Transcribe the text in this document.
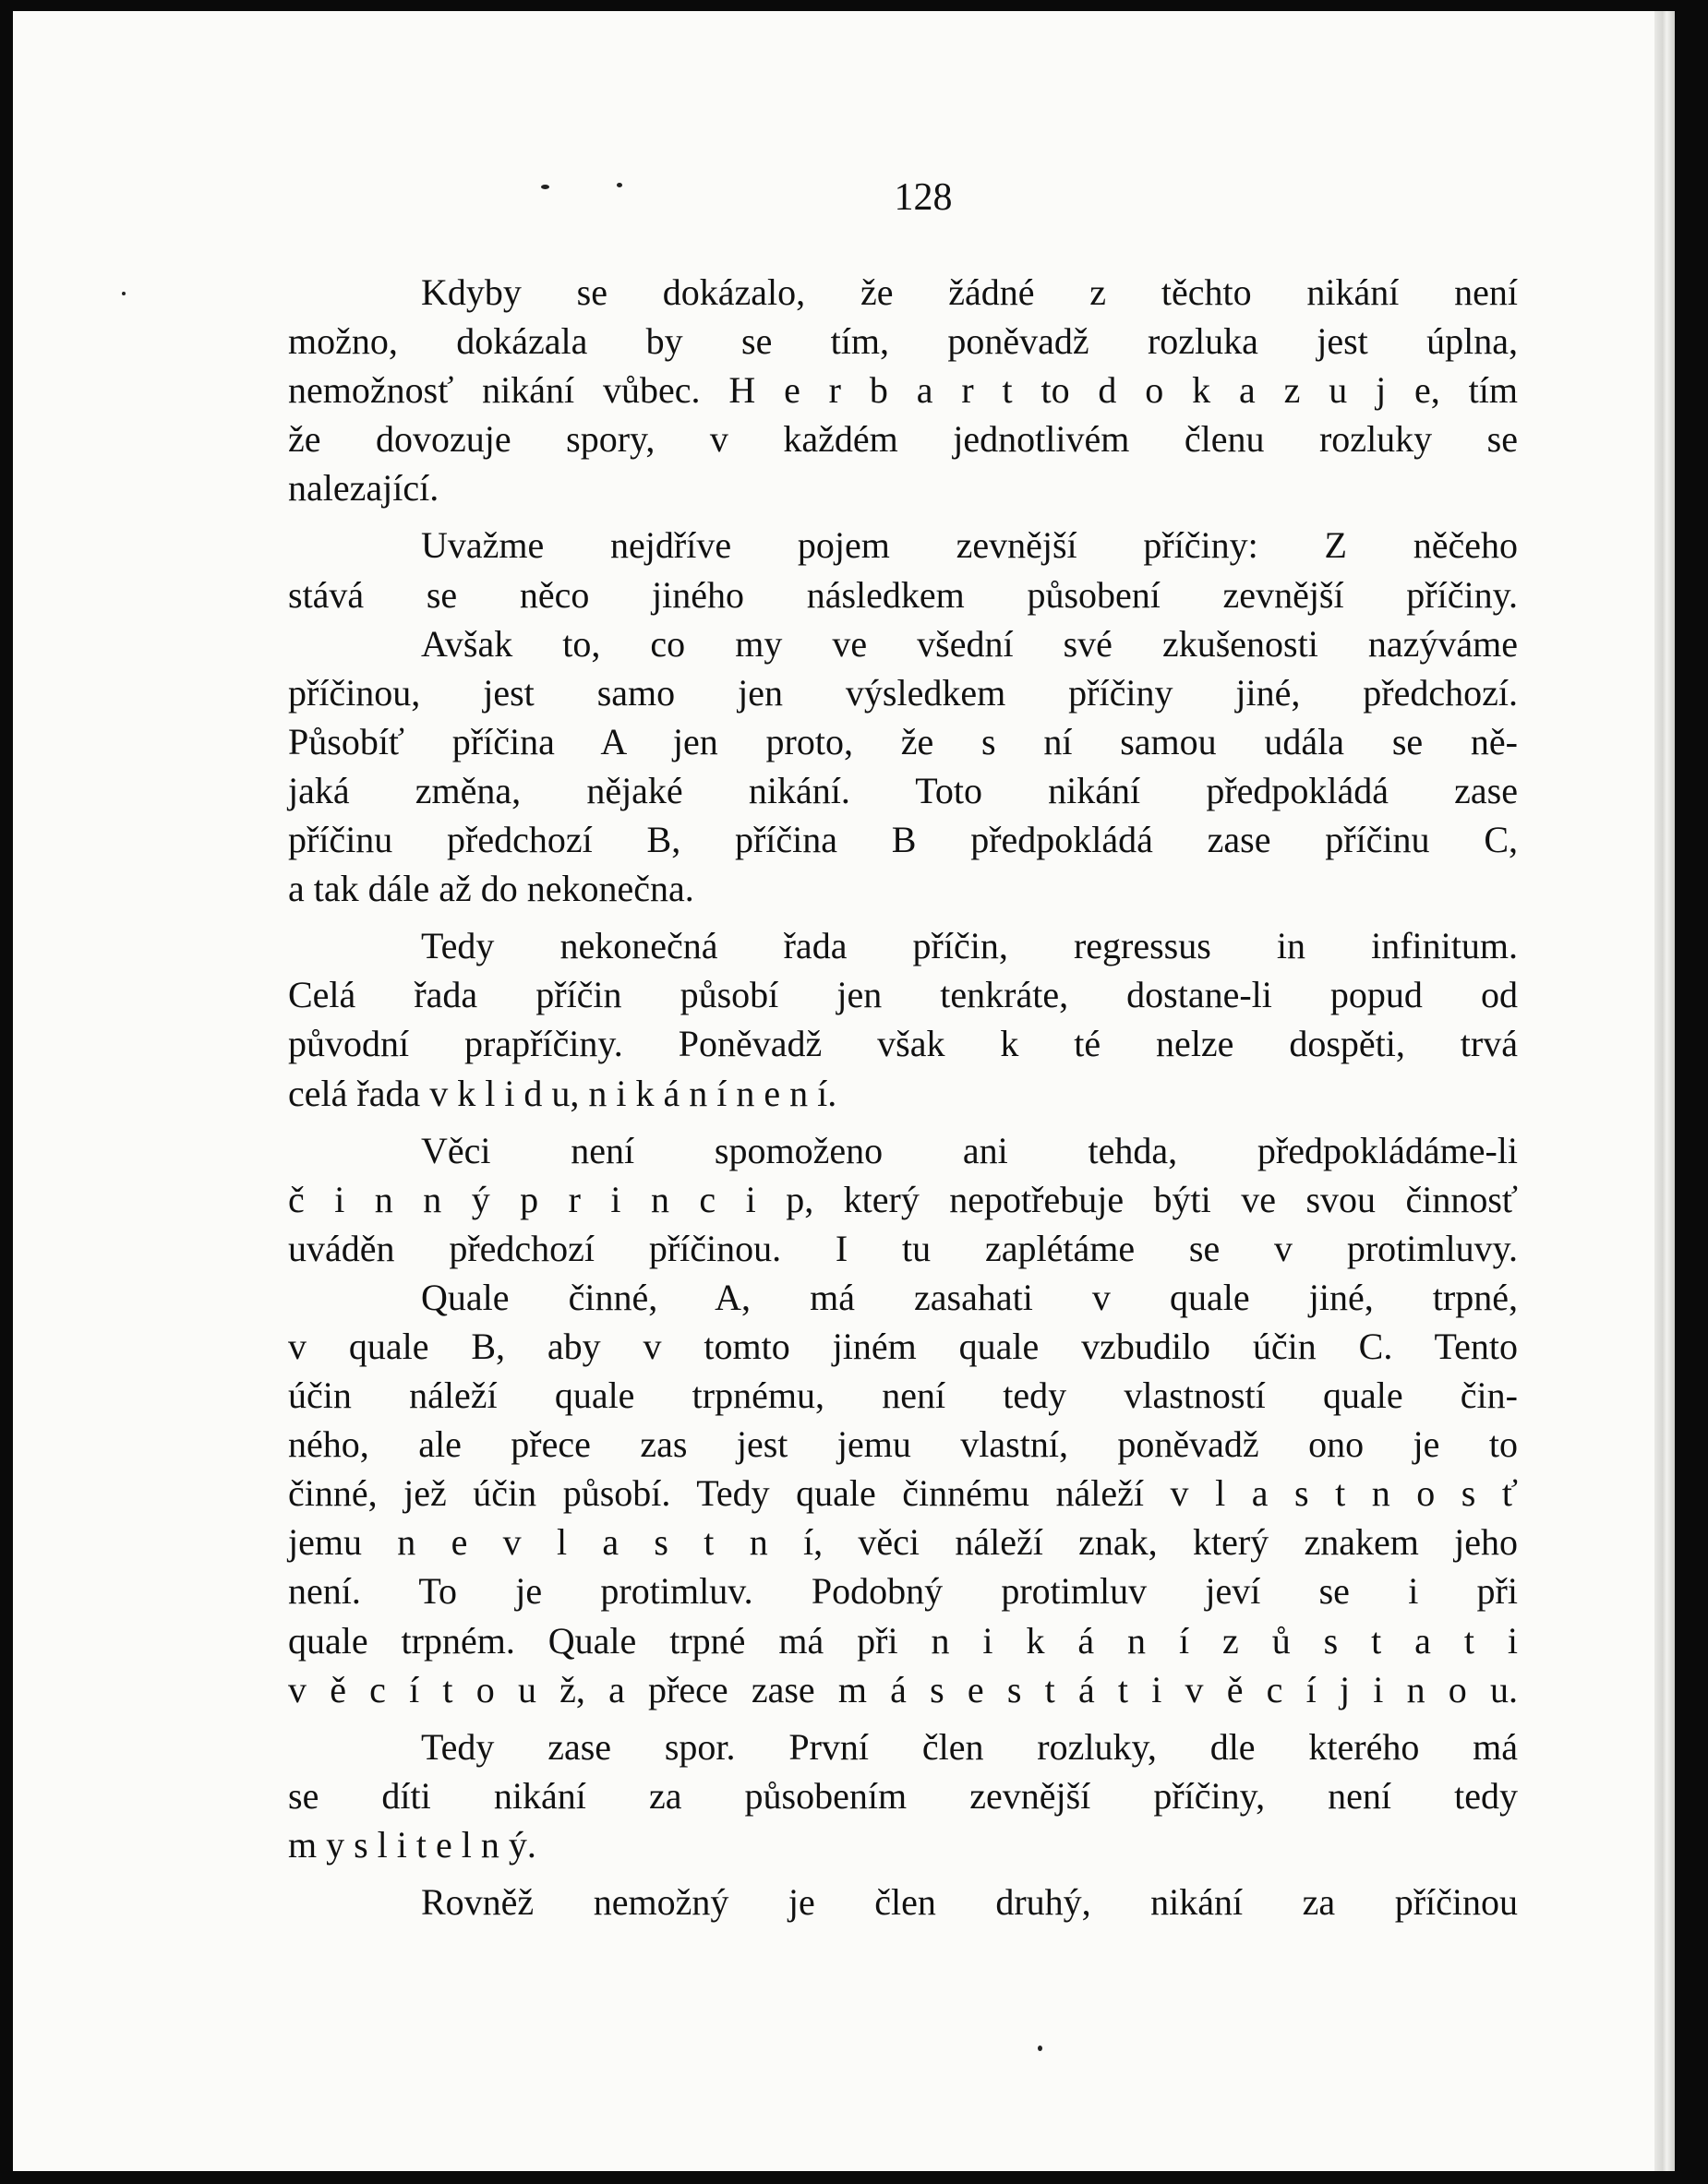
128
Kdyby se dokázalo, že žádné z těchto nikání není
možno, dokázala by se tím, poněvadž rozluka jest úplna,
nemožnosť nikání vůbec. H e r b a r t to d o k a z u j e, tím
že dovozuje spory, v každém jednotlivém členu rozluky se
nalezající.
Uvažme nejdříve pojem zevnější příčiny: Z něčeho
stává se něco jiného následkem působení zevnější příčiny.
Avšak to, co my ve všední své zkušenosti nazýváme
příčinou, jest samo jen výsledkem příčiny jiné, předchozí.
Působíť příčina A jen proto, že s ní samou udála se ně-
jaká změna, nějaké nikání. Toto nikání předpokládá zase
příčinu předchozí B, příčina B předpokládá zase příčinu C,
a tak dále až do nekonečna.
Tedy nekonečná řada příčin, regressus in infinitum.
Celá řada příčin působí jen tenkráte, dostane-li popud od
původní prapříčiny. Poněvadž však k té nelze dospěti, trvá
celá řada v k l i d u, n i k á n í n e n í.
Věci není spomoženo ani tehda, předpokládáme-li
č i n n ý p r i n c i p, který nepotřebuje býti ve svou činnosť
uváděn předchozí příčinou. I tu zaplétáme se v protimluvy.
Quale činné, A, má zasahati v quale jiné, trpné,
v quale B, aby v tomto jiném quale vzbudilo účin C. Tento
účin náleží quale trpnému, není tedy vlastností quale čin-
ného, ale přece zas jest jemu vlastní, poněvadž ono je to
činné, jež účin působí. Tedy quale činnému náleží v l a s t n o s ť
jemu n e v l a s t n í, věci náleží znak, který znakem jeho
není. To je protimluv. Podobný protimluv jeví se i při
quale trpném. Quale trpné má při n i k á n í z ů s t a t i
v ě c í t o u ž, a přece zase m á s e s t á t i v ě c í j i n o u.
Tedy zase spor. První člen rozluky, dle kterého má
se díti nikání za působením zevnější příčiny, není tedy
m y s l i t e l n ý.
Rovněž nemožný je člen druhý, nikání za příčinou
